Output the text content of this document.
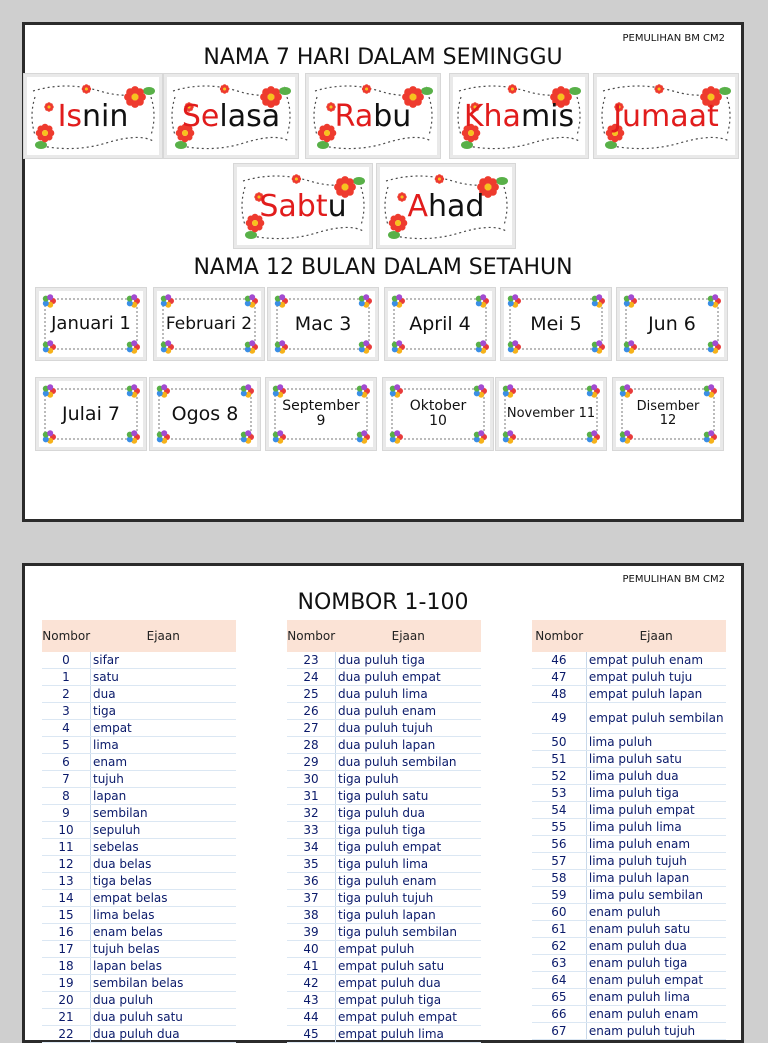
PEMULIHAN BM CM2
NAMA 7 HARI DALAM SEMINGGU
Is nin Se lasa Ra bu Kha mis Jumaat
Sabt u A had
NAMA 12 BULAN DALAM SETAHUN
Januari 1	Februari 2	Mac 3	April 4	Mei 5	Jun 6
Julai 7	Ogos 8	September
9
Oktober
10	November 11	Disember
12
PEMULIHAN BM CM2
NOMBOR 1-100
Nombor	Ejaan
0	sifar
1	satu
2	dua
3	tiga
4	empat
5	lima
6	enam
7	tujuh
8	lapan
9	sembilan
10	sepuluh
11	sebelas
12	dua belas
13	tiga belas
14	empat belas
15	lima belas
16	enam belas
17	tujuh belas
18	lapan belas
19	sembilan belas
20	dua puluh
21	dua puluh satu
22	dua puluh dua
Nombor	Ejaan
23	dua puluh tiga
24	dua puluh empat
25	dua puluh lima
26	dua puluh enam
27	dua puluh tujuh
28	dua puluh lapan
29	dua puluh sembilan
30	tiga puluh
31	tiga puluh satu
32	tiga puluh dua
33	tiga puluh tiga
34	tiga puluh empat
35	tiga puluh lima
36	tiga puluh enam
37	tiga puluh tujuh
38	tiga puluh lapan
39	tiga puluh sembilan
40	empat puluh
41	empat puluh satu
42	empat puluh dua
43	empat puluh tiga
44	empat puluh empat
45	empat puluh lima
Nombor	Ejaan
46	empat puluh enam
47	empat puluh tuju
48	empat puluh lapan
49	empat puluh sembilan
50	lima puluh
51	lima puluh satu
52	lima puluh dua
53	lima puluh tiga
54	lima puluh empat
55	lima puluh lima
56	lima puluh enam
57	lima puluh tujuh
58	lima puluh lapan
59	lima pulu sembilan
60	enam puluh
61	enam puluh satu
62	enam puluh dua
63	enam puluh tiga
64	enam puluh empat
65	enam puluh lima
66	enam puluh enam
67	enam puluh tujuh
